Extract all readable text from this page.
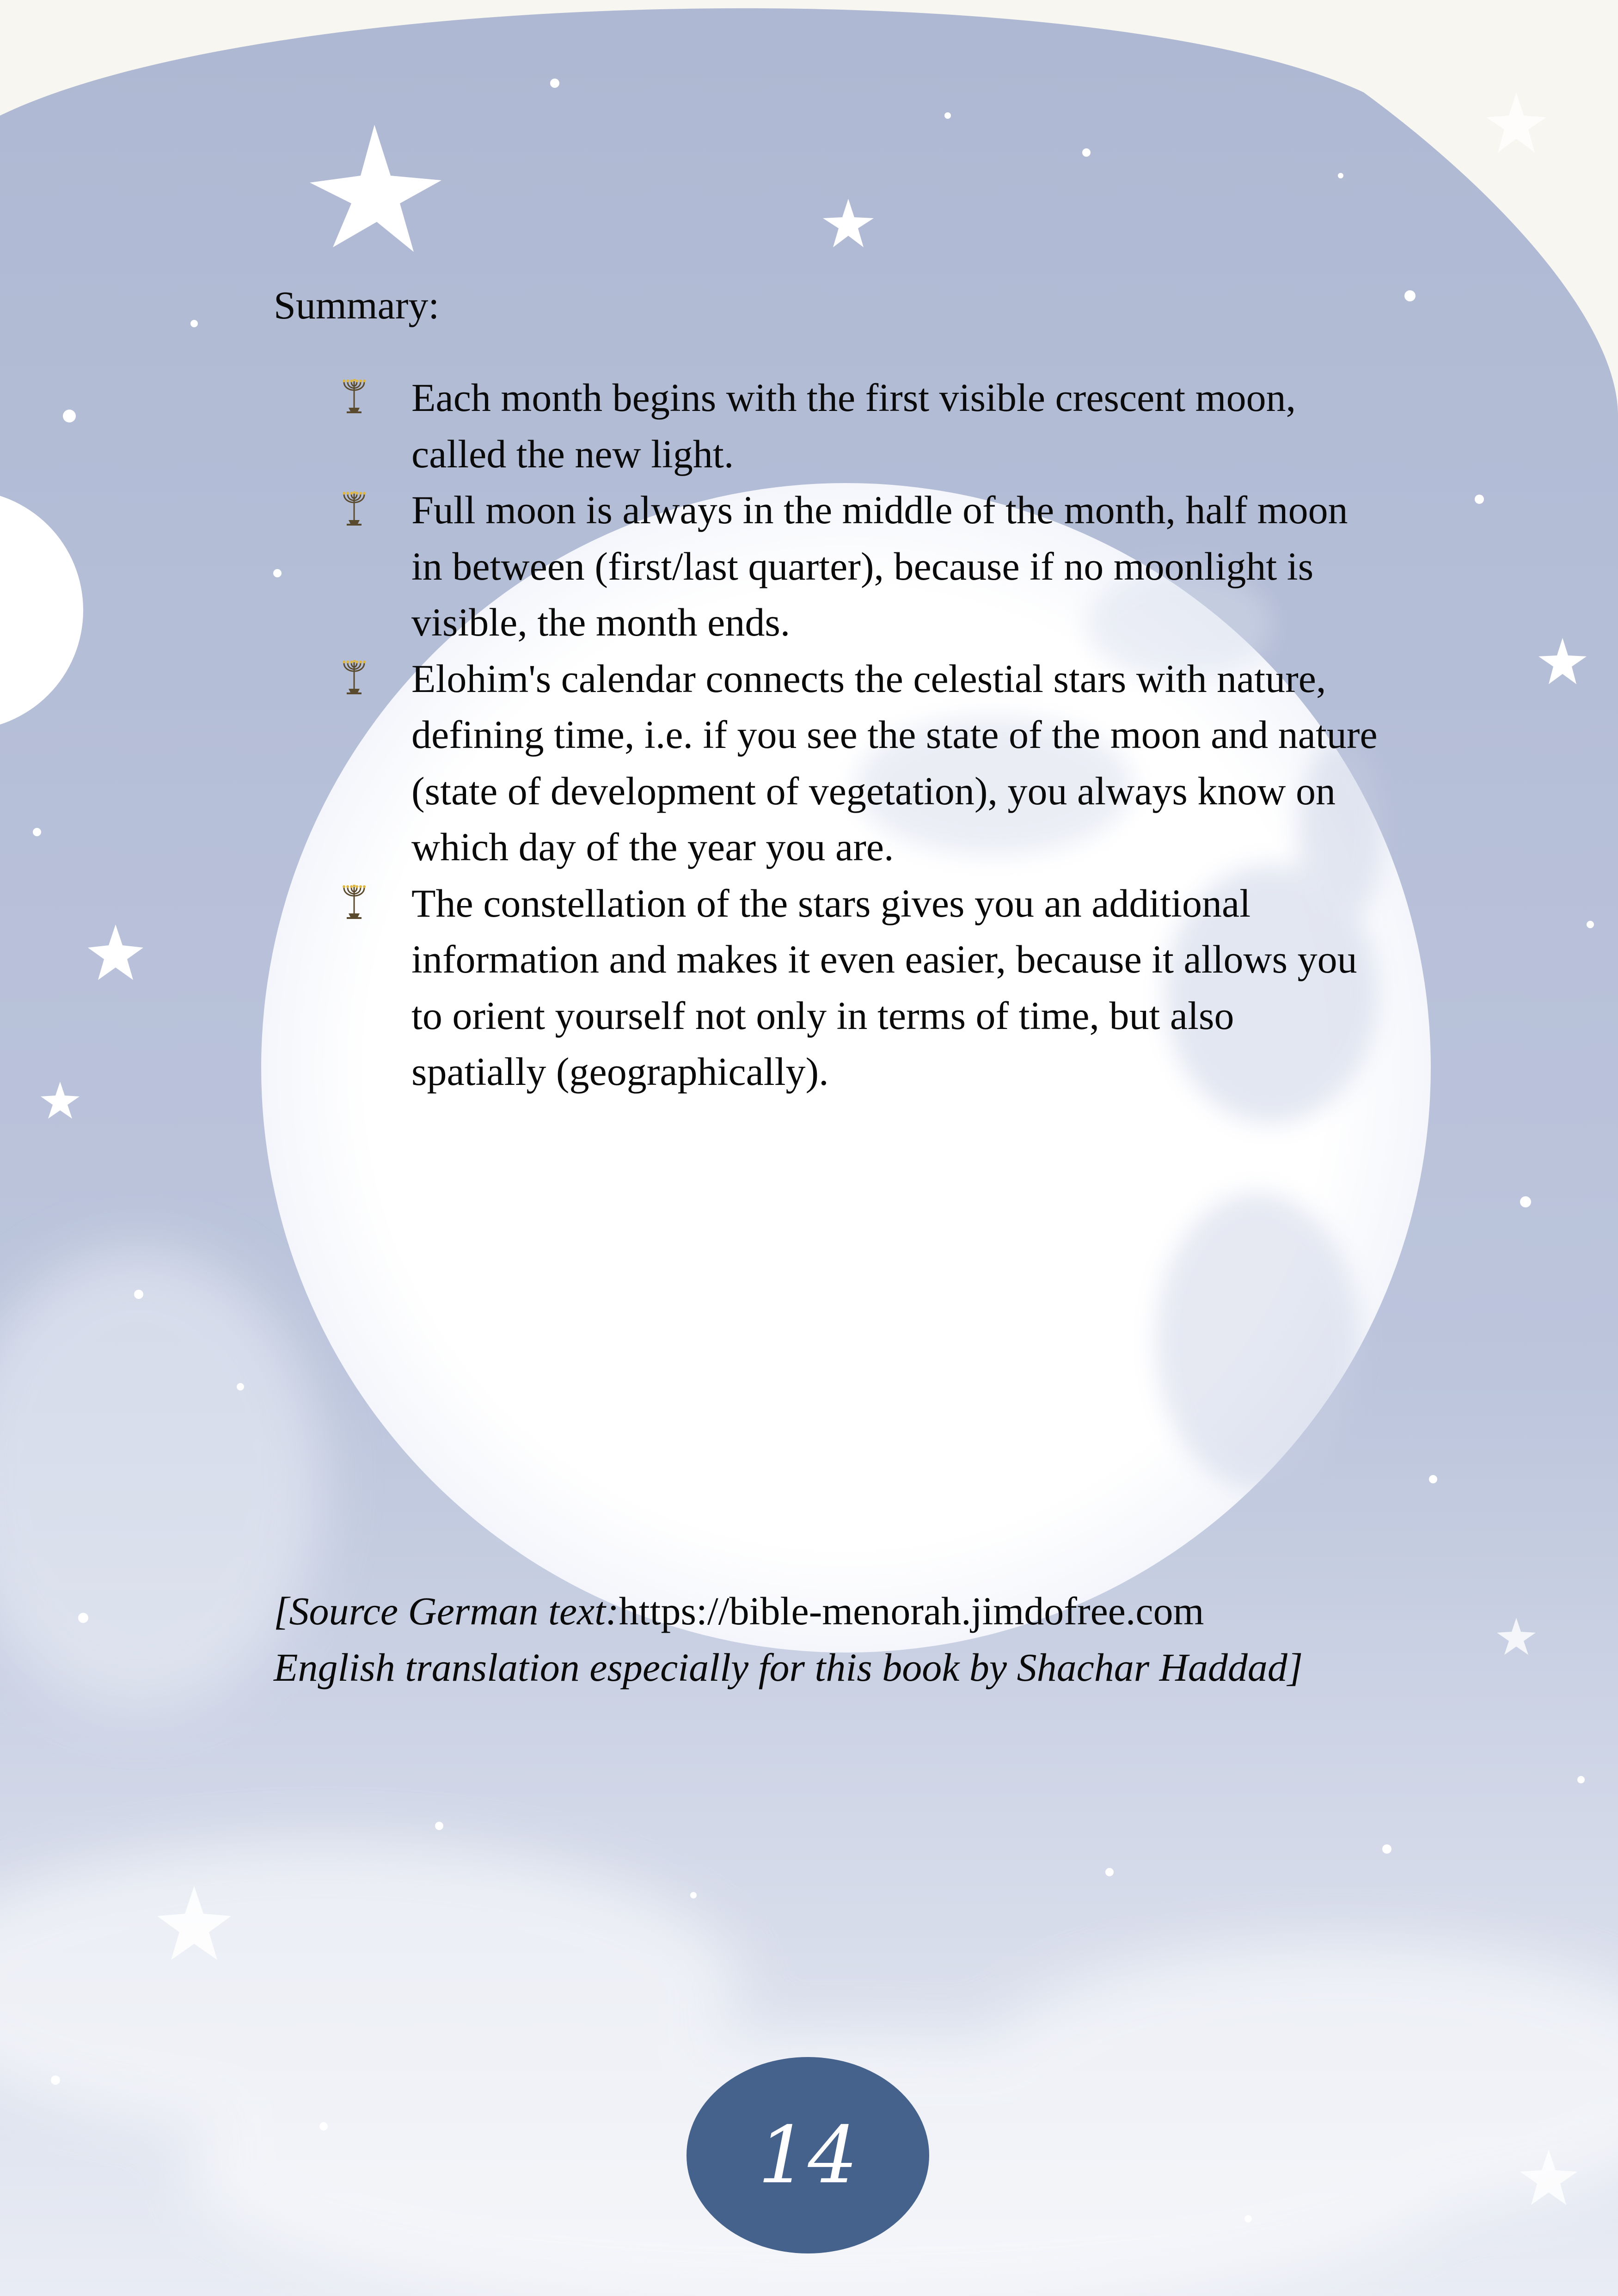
Summary:
Each month begins with the first visible crescent moon, called the new light.
Full moon is always in the middle of the month, half moon in between (first/last quarter), because if no moonlight is visible, the month ends.
Elohim's calendar connects the celestial stars with nature, defining time, i.e. if you see the state of the moon and nature (state of development of vegetation), you always know on which day of the year you are.
The constellation of the stars gives you an additional information and makes it even easier, because it allows you to orient yourself not only in terms of time, but also spatially (geographically).

[Source German text:https://bible-menorah.jimdofree.com
English translation especially for this book by Shachar Haddad]

14
